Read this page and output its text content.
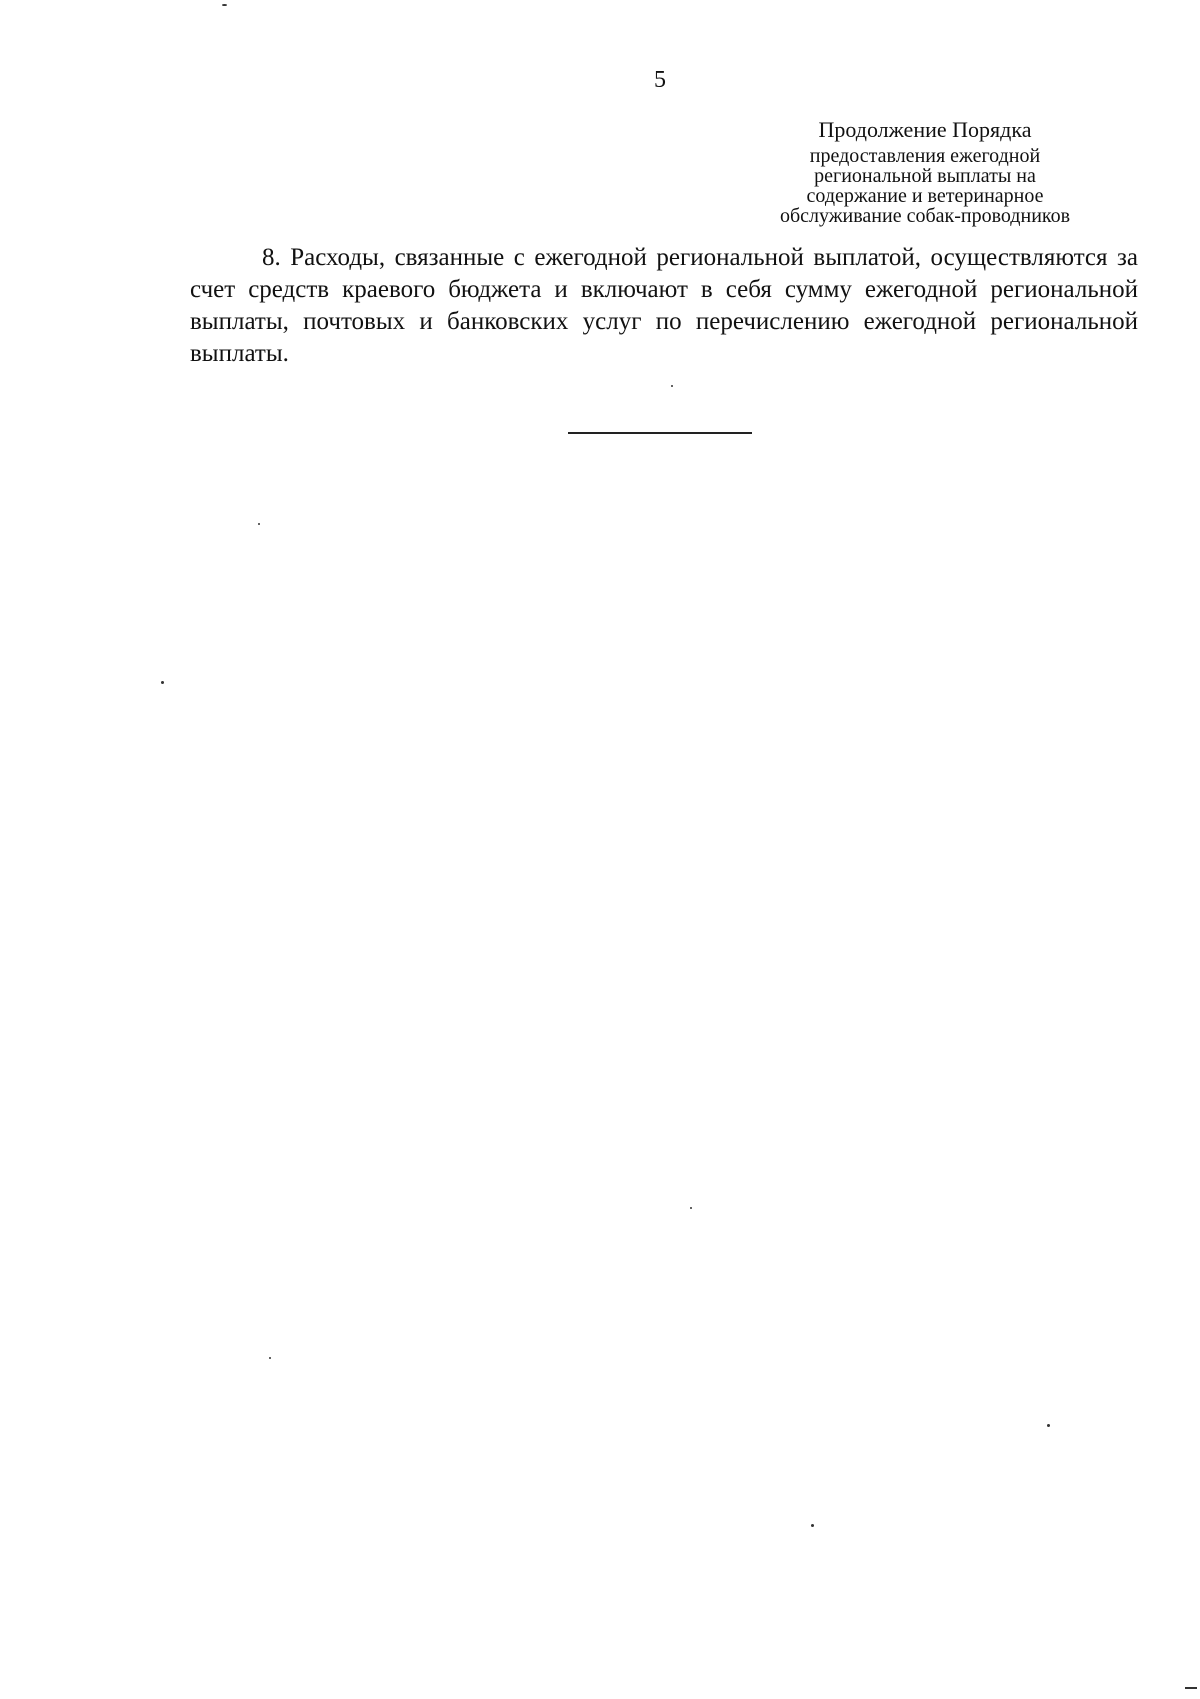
5

Продолжение Порядка

предоставления ежегодной

региональной выплаты на

содержание и ветеринарное

обслуживание собак-проводников

8. Расходы, связанные с ежегодной региональной выплатой, осуществляются за счет средств краевого бюджета и включают в себя сумму ежегодной региональной выплаты, почтовых и банковских услуг по перечислению ежегодной региональной выплаты.
